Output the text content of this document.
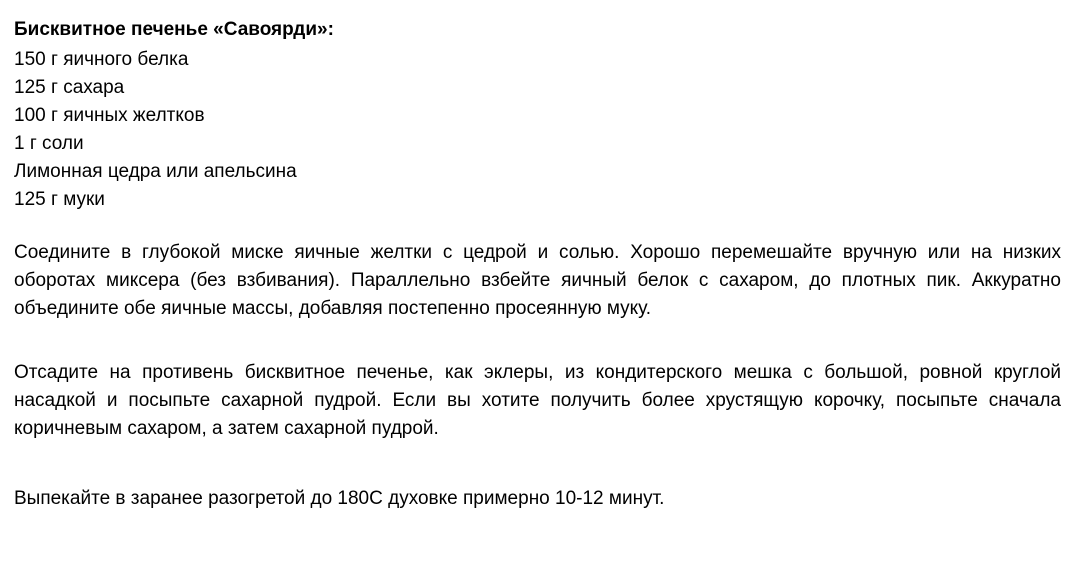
Бисквитное печенье «Савоярди»:
150 г яичного белка
125 г сахара
100 г яичных желтков
1 г соли
Лимонная цедра или апельсина
125 г муки

Соедините в глубокой миске яичные желтки с цедрой и солью. Хорошо перемешайте вручную или на низких оборотах миксера (без взбивания). Параллельно взбейте яичный белок с сахаром, до плотных пик. Аккуратно объедините обе яичные массы, добавляя постепенно просеянную муку.

Отсадите на противень бисквитное печенье, как эклеры, из кондитерского мешка с большой, ровной круглой насадкой и посыпьте сахарной пудрой. Если вы хотите получить более хрустящую корочку, посыпьте сначала коричневым сахаром, а затем сахарной пудрой.

Выпекайте в заранее разогретой до 180С духовке примерно 10-12 минут.
